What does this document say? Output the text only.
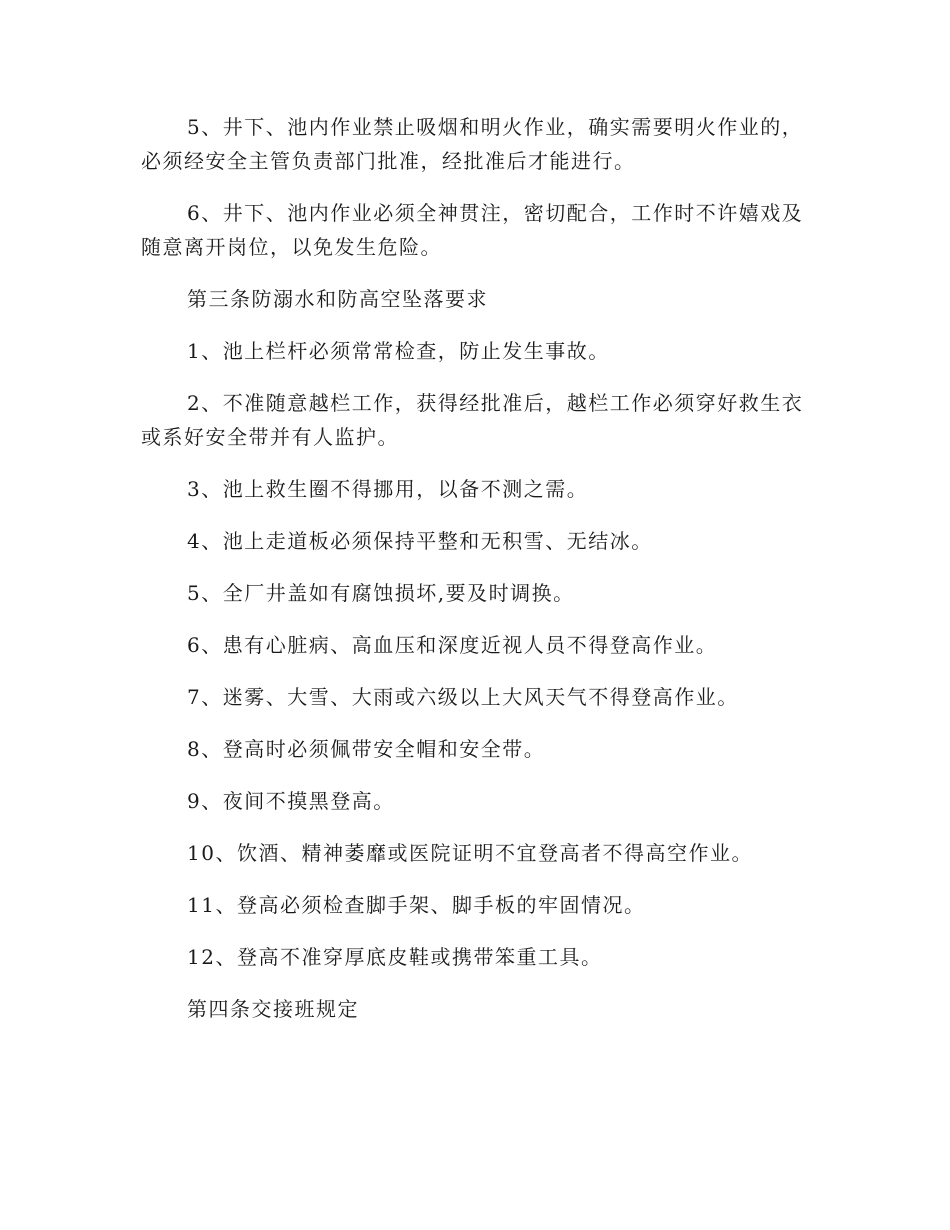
5、井下、池内作业禁止吸烟和明火作业，确实需要明火作业的，必须经安全主管负责部门批准，经批准后才能进行。

6、井下、池内作业必须全神贯注，密切配合，工作时不许嬉戏及随意离开岗位，以免发生危险。

第三条防溺水和防高空坠落要求

1、池上栏杆必须常常检查，防止发生事故。

2、不准随意越栏工作，获得经批准后，越栏工作必须穿好救生衣或系好安全带并有人监护。

3、池上救生圈不得挪用，以备不测之需。

4、池上走道板必须保持平整和无积雪、无结冰。

5、全厂井盖如有腐蚀损坏,要及时调换。

6、患有心脏病、高血压和深度近视人员不得登高作业。

7、迷雾、大雪、大雨或六级以上大风天气不得登高作业。

8、登高时必须佩带安全帽和安全带。

9、夜间不摸黑登高。

10、饮酒、精神萎靡或医院证明不宜登高者不得高空作业。

11、登高必须检查脚手架、脚手板的牢固情况。

12、登高不准穿厚底皮鞋或携带笨重工具。

第四条交接班规定
